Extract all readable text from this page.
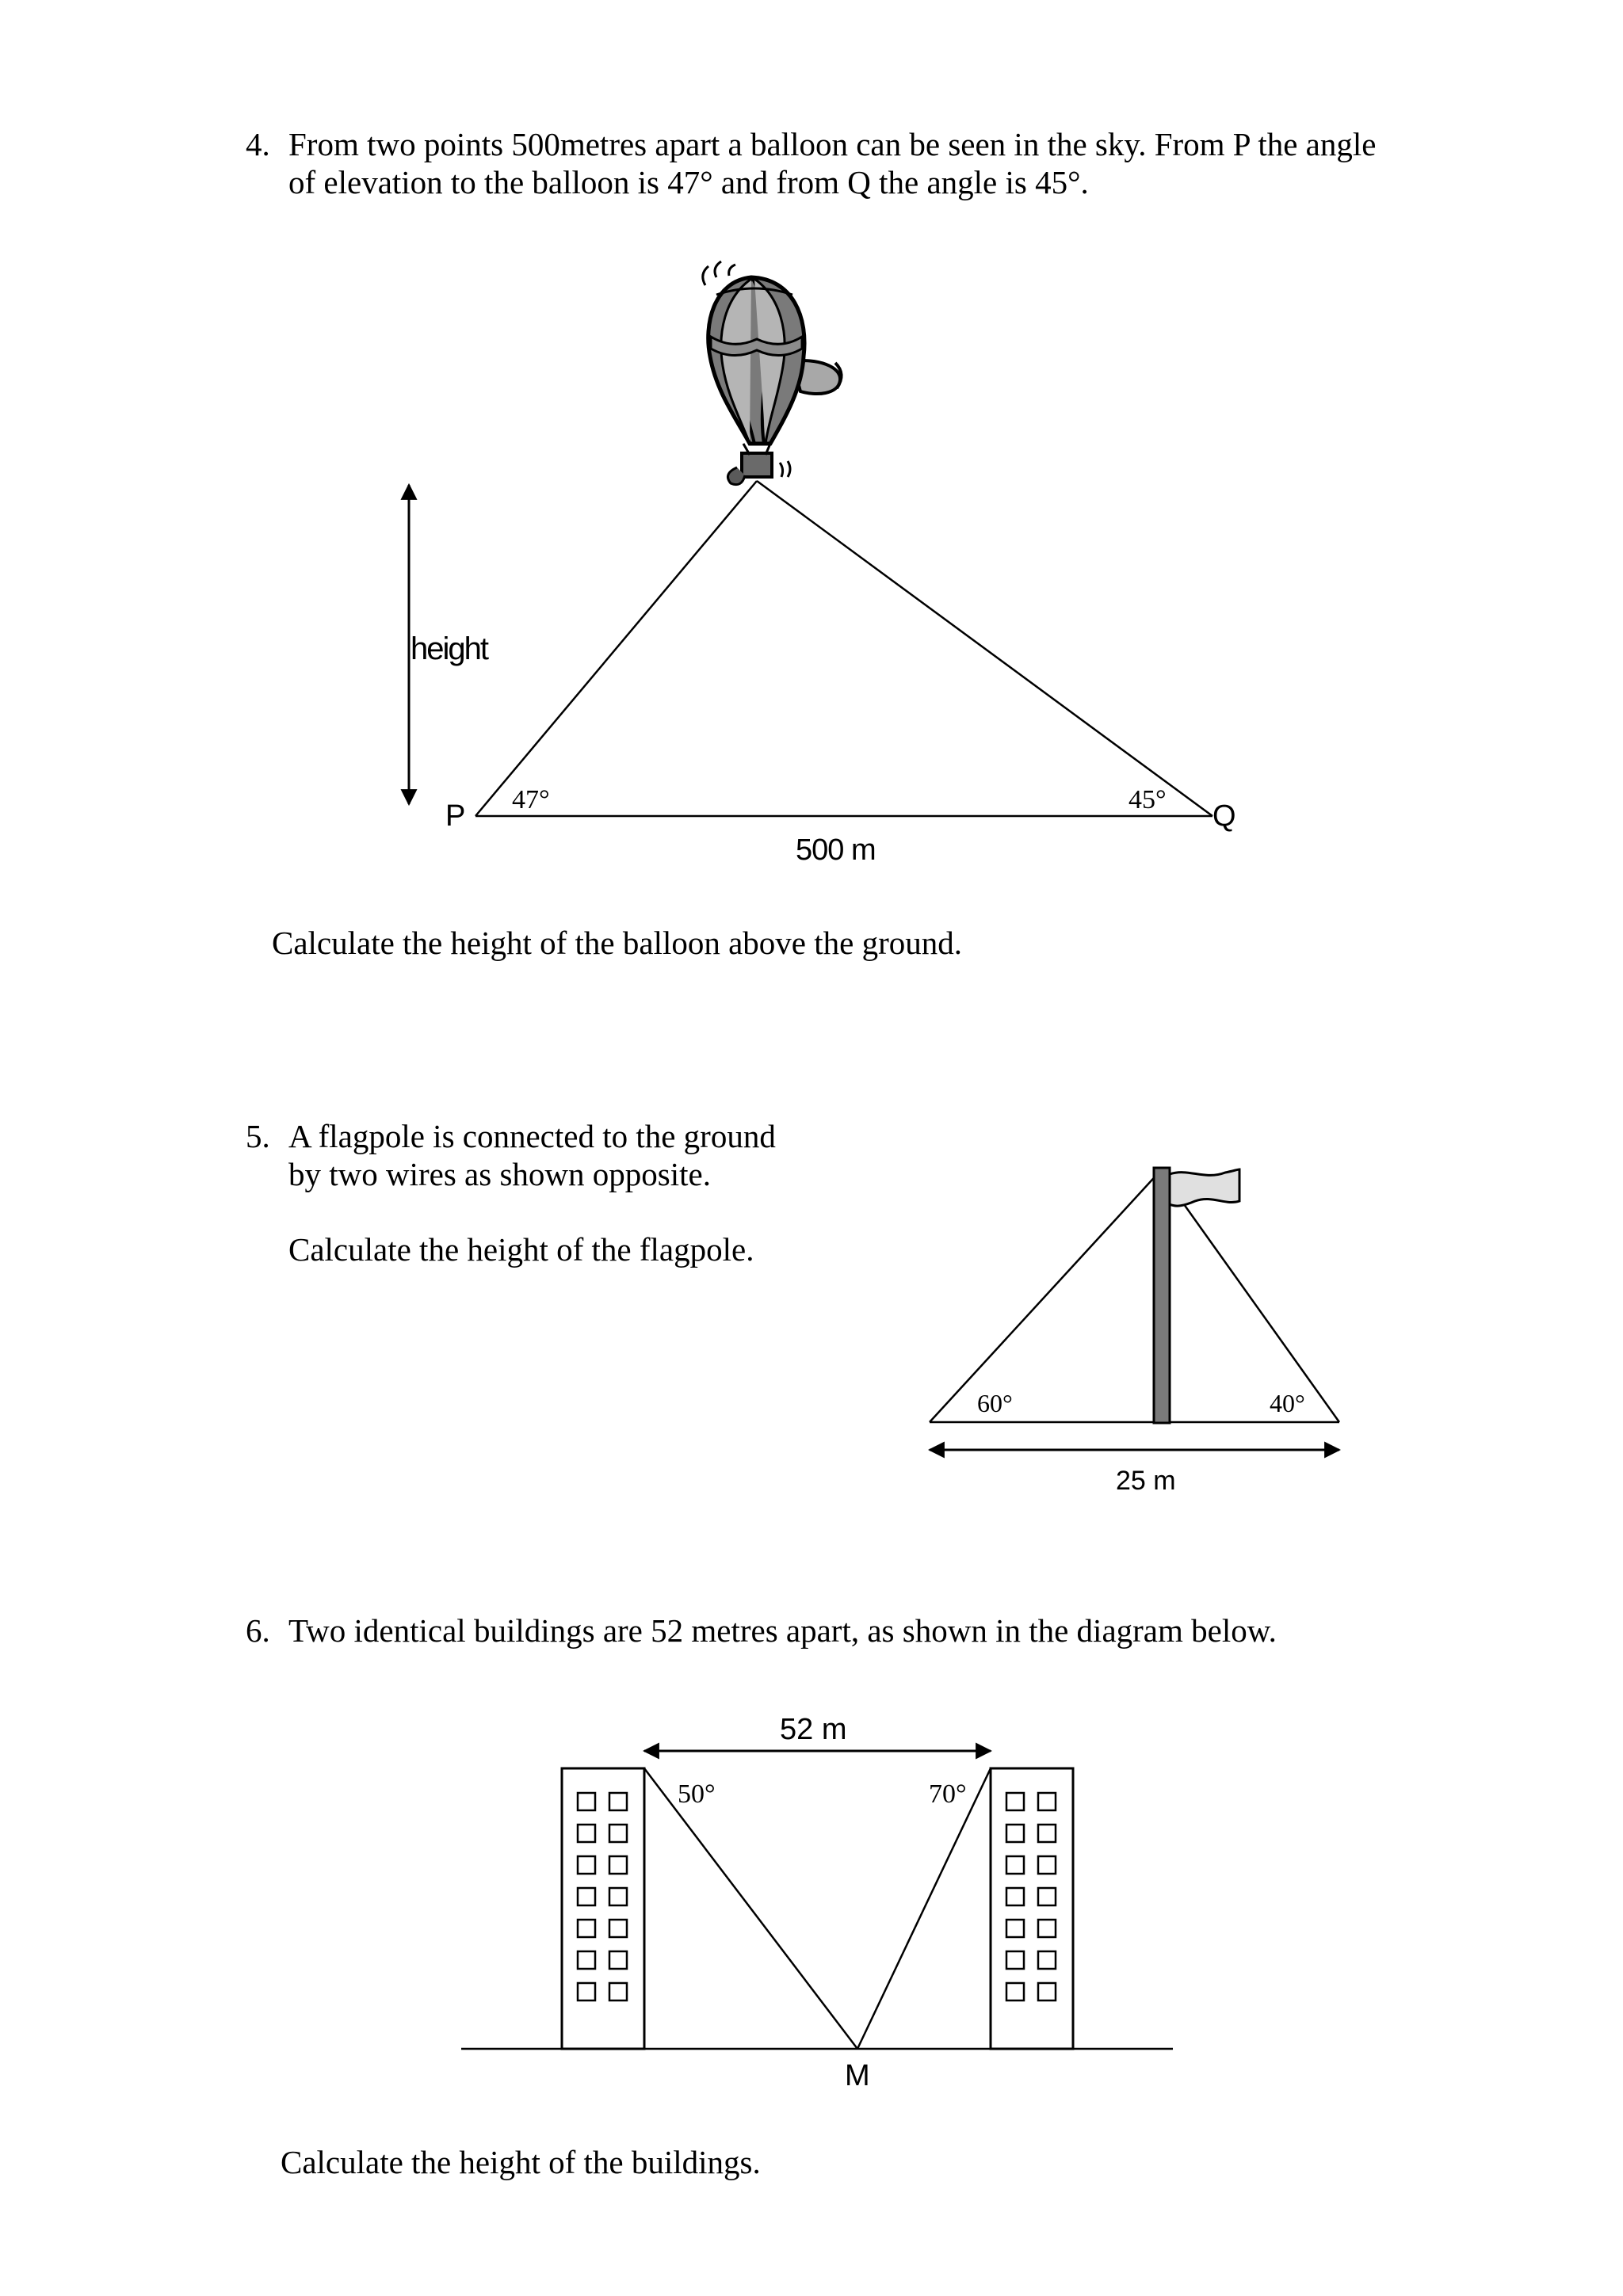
4. From two points 500metres apart a balloon can be seen in the sky. From P the angle
of elevation to the balloon is 47° and from Q the angle is 45°.
Calculate the height of the balloon above the ground.
5. A flagpole is connected to the ground
by two wires as shown opposite.
Calculate the height of the flagpole.
6. Two identical buildings are 52 metres apart, as shown in the diagram below.
Calculate the height of the buildings.
height
P	Q
47°	45°
500 m
60°	40°
25 m
52 m
50°	70°
M
